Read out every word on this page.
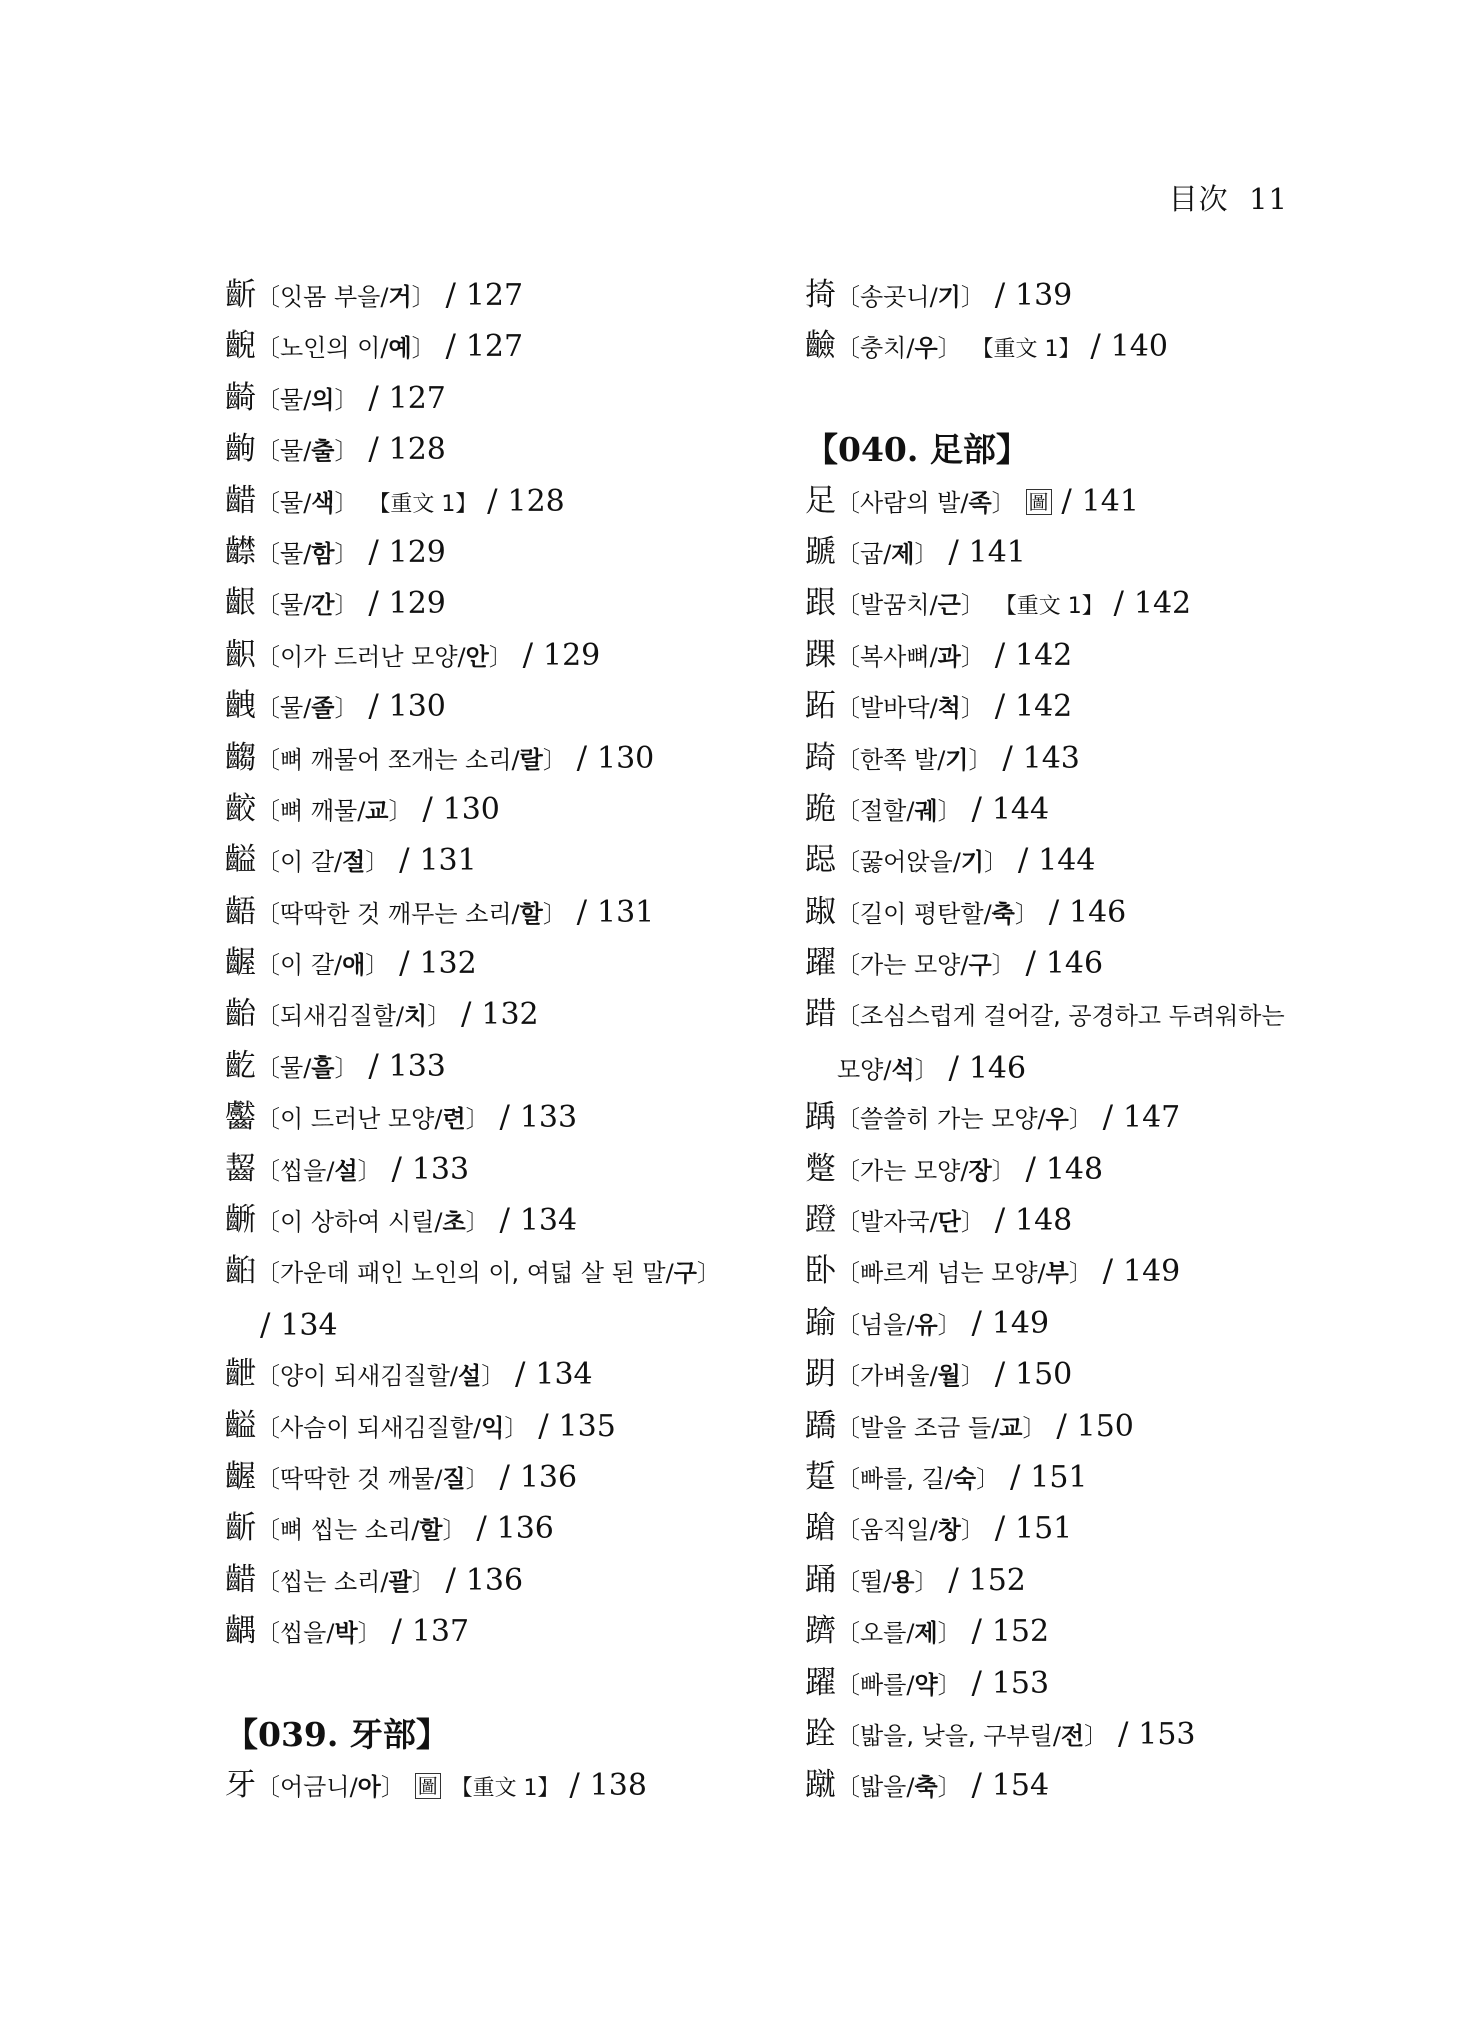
目次 11
齗〔잇몸 부을/거〕 / 127
齯〔노인의 이/예〕 / 127
齮〔물/의〕 / 127
齣〔물/출〕 / 128
齰〔물/색〕 【重文 1】 / 128
齽〔물/함〕 / 129
齦〔물/간〕 / 129
齞〔이가 드러난 모양/안〕 / 129
齥〔물/졸〕 / 130
齺〔뼈 깨물어 쪼개는 소리/랄〕 / 130
齩〔뼈 깨물/교〕 / 130
齸〔이 갈/절〕 / 131
齬〔딱딱한 것 깨무는 소리/할〕 / 131
齷〔이 갈/애〕 / 132
齝〔되새김질할/치〕 / 132
齕〔물/흘〕 / 133
齾〔이 드러난 모양/련〕 / 133
齧〔씹을/설〕 / 133
齭〔이 상하여 시릴/초〕 / 134
齨〔가운데 패인 노인의 이, 여덟 살 된 말/구〕
/ 134
齛〔양이 되새김질할/설〕 / 134
齸〔사슴이 되새김질할/익〕 / 135
齷〔딱딱한 것 깨물/질〕 / 136
齗〔뼈 씹는 소리/할〕 / 136
齰〔씹는 소리/괄〕 / 136
齵〔씹을/박〕 / 137
【039. 牙部】
牙〔어금니/아〕 圖 【重文 1】 / 138
掎〔송곳니/기〕 / 139
䶨〔충치/우〕 【重文 1】 / 140
【040. 足部】
足〔사람의 발/족〕 圖 / 141
蹏〔굽/제〕 / 141
跟〔발꿈치/근〕 【重文 1】 / 142
踝〔복사뼈/과〕 / 142
跖〔발바닥/척〕 / 142
踦〔한쪽 발/기〕 / 143
跪〔절할/궤〕 / 144
跽〔꿇어앉을/기〕 / 144
踧〔길이 평탄할/축〕 / 146
躍〔가는 모양/구〕 / 146
踖〔조심스럽게 걸어갈, 공경하고 두려워하는
모양/석〕 / 146
踽〔쓸쓸히 가는 모양/우〕 / 147
蹩〔가는 모양/장〕 / 148
蹬〔발자국/단〕 / 148
卧〔빠르게 넘는 모양/부〕 / 149
踰〔넘을/유〕 / 149
跀〔가벼울/월〕 / 150
蹻〔발을 조금 들/교〕 / 150
踅〔빠를, 길/숙〕 / 151
蹌〔움직일/창〕 / 151
踊〔뛸/용〕 / 152
躋〔오를/제〕 / 152
躍〔빠를/약〕 / 153
跧〔밟을, 낮을, 구부릴/전〕 / 153
蹴〔밟을/축〕 / 154
